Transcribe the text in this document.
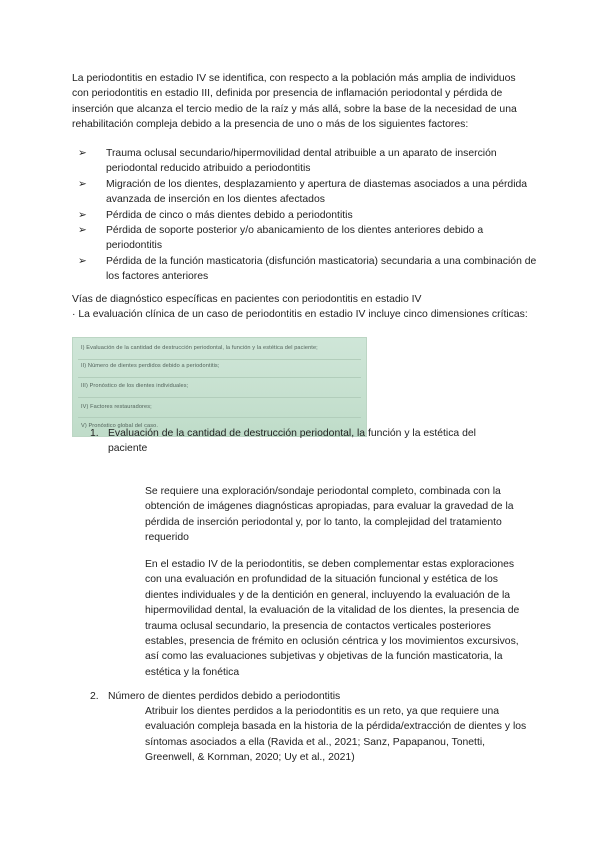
La periodontitis en estadio IV se identifica, con respecto a la población más amplia de individuos con periodontitis en estadio III, definida por presencia de inflamación periodontal y pérdida de inserción que alcanza el tercio medio de la raíz y más allá, sobre la base de la necesidad de una rehabilitación compleja debido a la presencia de uno o más de los siguientes factores:
➢ Trauma oclusal secundario/hipermovilidad dental atribuible a un aparato de inserción periodontal reducido atribuido a periodontitis
➢ Migración de los dientes, desplazamiento y apertura de diastemas asociados a una pérdida avanzada de inserción en los dientes afectados
➢ Pérdida de cinco o más dientes debido a periodontitis
➢ Pérdida de soporte posterior y/o abanicamiento de los dientes anteriores debido a periodontitis
➢ Pérdida de la función masticatoria (disfunción masticatoria) secundaria a una combinación de los factores anteriores
Vías de diagnóstico específicas en pacientes con periodontitis en estadio IV
· La evaluación clínica de un caso de periodontitis en estadio IV incluye cinco dimensiones críticas:
I) Evaluación de la cantidad de destrucción periodontal, la función y la estética del paciente;
II) Número de dientes perdidos debido a periodontitis;
III) Pronóstico de los dientes individuales;
IV) Factores restauradores;
V) Pronóstico global del caso.
1. Evaluación de la cantidad de destrucción periodontal, la función y la estética del paciente
Se requiere una exploración/sondaje periodontal completo, combinada con la obtención de imágenes diagnósticas apropiadas, para evaluar la gravedad de la pérdida de inserción periodontal y, por lo tanto, la complejidad del tratamiento requerido
En el estadio IV de la periodontitis, se deben complementar estas exploraciones con una evaluación en profundidad de la situación funcional y estética de los dientes individuales y de la dentición en general, incluyendo la evaluación de la hipermovilidad dental, la evaluación de la vitalidad de los dientes, la presencia de trauma oclusal secundario, la presencia de contactos verticales posteriores estables, presencia de frémito en oclusión céntrica y los movimientos excursivos, así como las evaluaciones subjetivas y objetivas de la función masticatoria, la estética y la fonética
2. Número de dientes perdidos debido a periodontitis
Atribuir los dientes perdidos a la periodontitis es un reto, ya que requiere una evaluación compleja basada en la historia de la pérdida/extracción de dientes y los síntomas asociados a ella (Ravida et al., 2021; Sanz, Papapanou, Tonetti, Greenwell, & Kornman, 2020; Uy et al., 2021)
